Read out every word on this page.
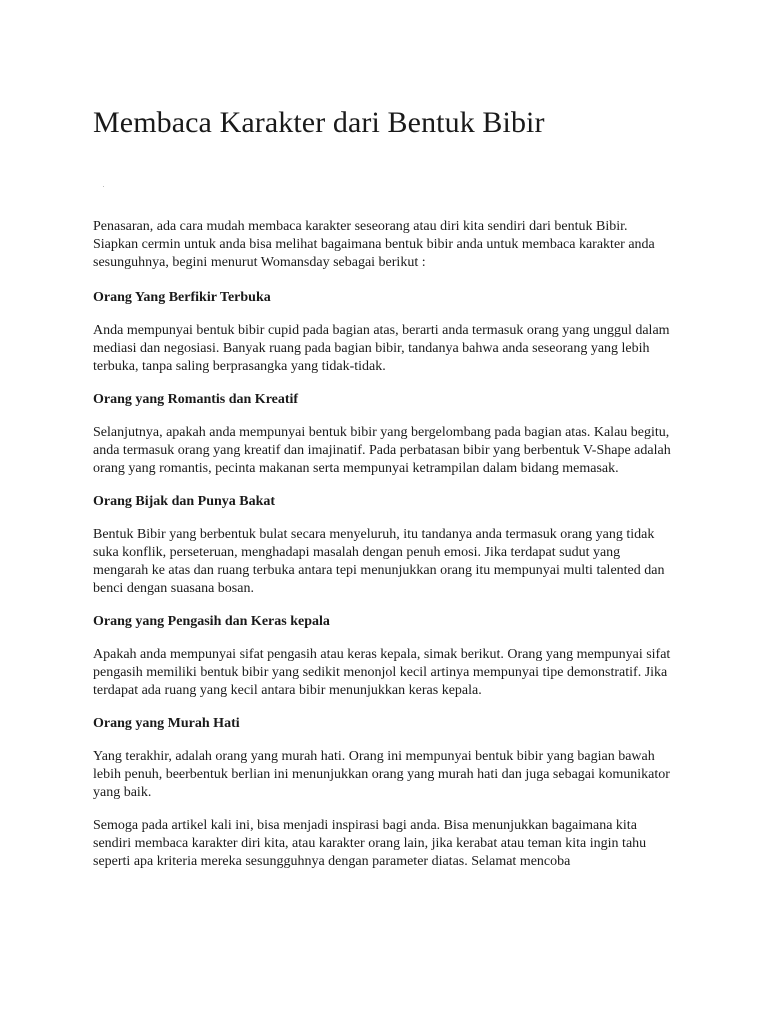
Membaca Karakter dari Bentuk Bibir

Penasaran, ada cara mudah membaca karakter seseorang atau diri kita sendiri dari bentuk Bibir. Siapkan cermin untuk anda bisa melihat bagaimana bentuk bibir anda untuk membaca karakter anda sesunguhnya, begini menurut Womansday sebagai berikut :

Orang Yang Berfikir Terbuka

Anda mempunyai bentuk bibir cupid pada bagian atas, berarti anda termasuk orang yang unggul dalam mediasi dan negosiasi. Banyak ruang pada bagian bibir, tandanya bahwa anda seseorang yang lebih terbuka, tanpa saling berprasangka yang tidak-tidak.

Orang yang Romantis dan Kreatif

Selanjutnya, apakah anda mempunyai bentuk bibir yang bergelombang pada bagian atas. Kalau begitu, anda termasuk orang yang kreatif dan imajinatif. Pada perbatasan bibir yang berbentuk V-Shape adalah orang yang romantis, pecinta makanan serta mempunyai ketrampilan dalam bidang memasak.

Orang Bijak dan Punya Bakat

Bentuk Bibir yang berbentuk bulat secara menyeluruh, itu tandanya anda termasuk orang yang tidak suka konflik, perseteruan, menghadapi masalah dengan penuh emosi. Jika terdapat sudut yang mengarah ke atas dan ruang terbuka antara tepi menunjukkan orang itu mempunyai multi talented dan benci dengan suasana bosan.

Orang yang Pengasih dan Keras kepala

Apakah anda mempunyai sifat pengasih atau keras kepala, simak berikut. Orang yang mempunyai sifat pengasih memiliki bentuk bibir yang sedikit menonjol kecil artinya mempunyai tipe demonstratif. Jika terdapat ada ruang yang kecil antara bibir menunjukkan keras kepala.

Orang yang Murah Hati

Yang terakhir, adalah orang yang murah hati. Orang ini mempunyai bentuk bibir yang bagian bawah lebih penuh, beerbentuk berlian ini menunjukkan orang yang murah hati dan juga sebagai komunikator yang baik.

Semoga pada artikel kali ini, bisa menjadi inspirasi bagi anda. Bisa menunjukkan bagaimana kita sendiri membaca karakter diri kita, atau karakter orang lain, jika kerabat atau teman kita ingin tahu seperti apa kriteria mereka sesungguhnya dengan parameter diatas. Selamat mencoba
